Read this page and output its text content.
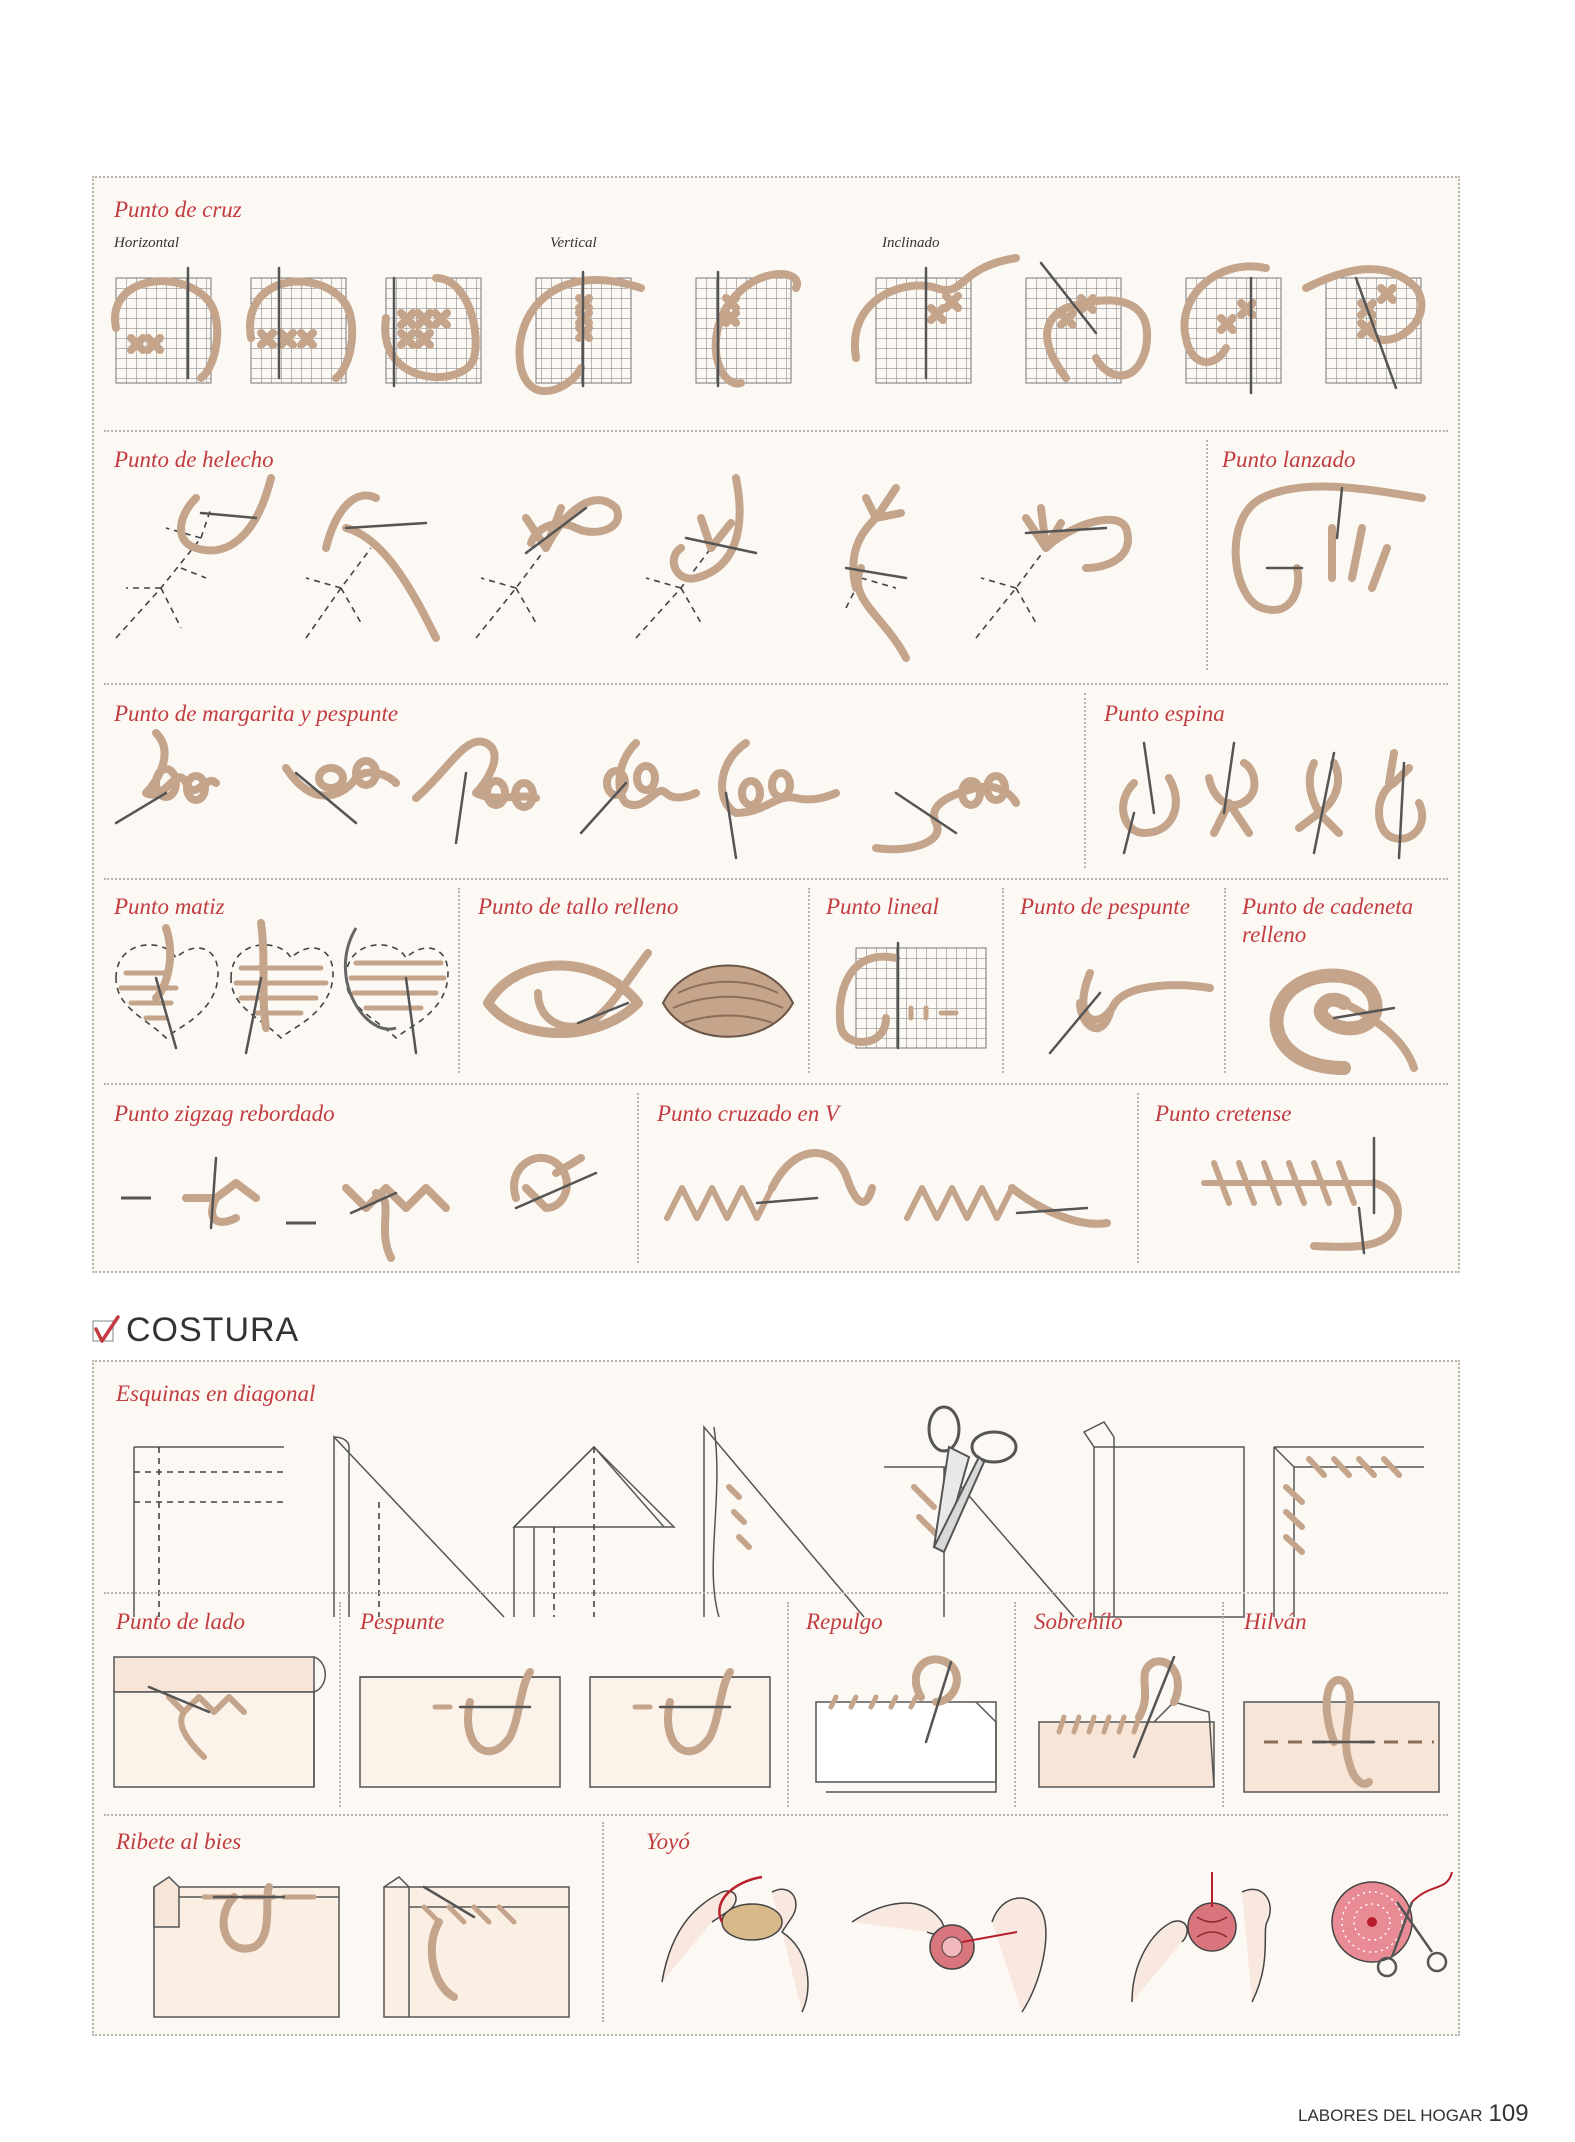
Punto de cruz
Horizontal	Vertical	Inclinado
Punto de helecho	Punto lanzado
Punto de margarita y pespunte	Punto espina
Punto matiz	Punto de tallo relleno	Punto lineal	Punto de pespunte Punto de cadeneta
relleno
Punto zigzag rebordado	Punto cruzado en V	Punto cretense
COSTURA
Esquinas en diagonal
Punto de lado	Pespunte	Repulgo	Sobrehílo	Hilván
Ribete al bies	Yoyó
LABORES DEL HOGAR 109
